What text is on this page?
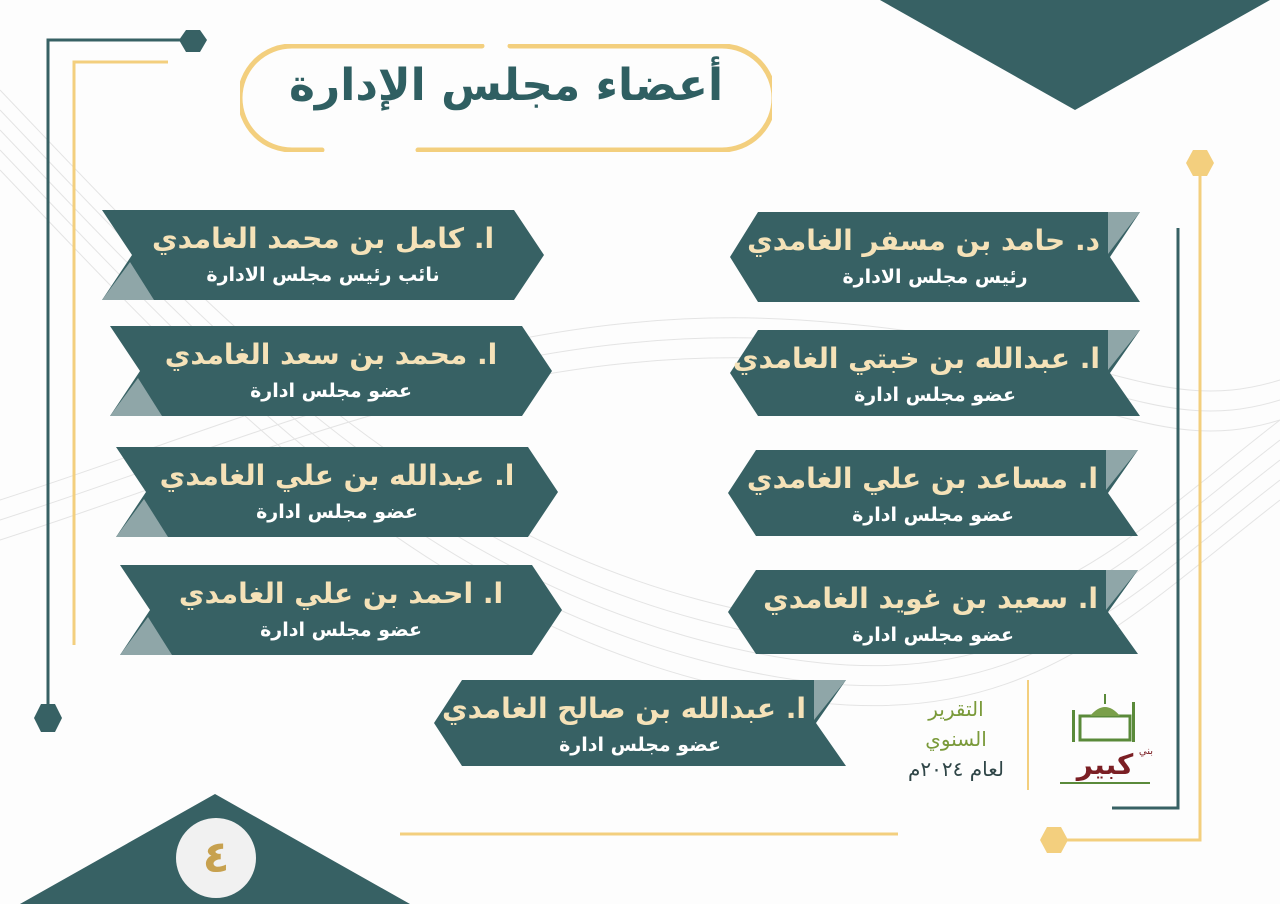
أعضاء مجلس الإدارة
د. حامد بن مسفر الغامدي
رئيس مجلس الادارة
ا. عبدالله بن خبتي الغامدي
عضو مجلس ادارة
ا. مساعد بن علي الغامدي
عضو مجلس ادارة
ا. سعيد بن غويد الغامدي
عضو مجلس ادارة
ا. كامل بن محمد الغامدي
نائب رئيس مجلس الادارة
ا. محمد بن سعد الغامدي
عضو مجلس ادارة
ا. عبدالله بن علي الغامدي
عضو مجلس ادارة
ا. احمد بن علي الغامدي
عضو مجلس ادارة
ا. عبدالله بن صالح الغامدي
عضو مجلس ادارة
التقرير
السنوي
لعام ٢٠٢٤م	كبير بني
٤
